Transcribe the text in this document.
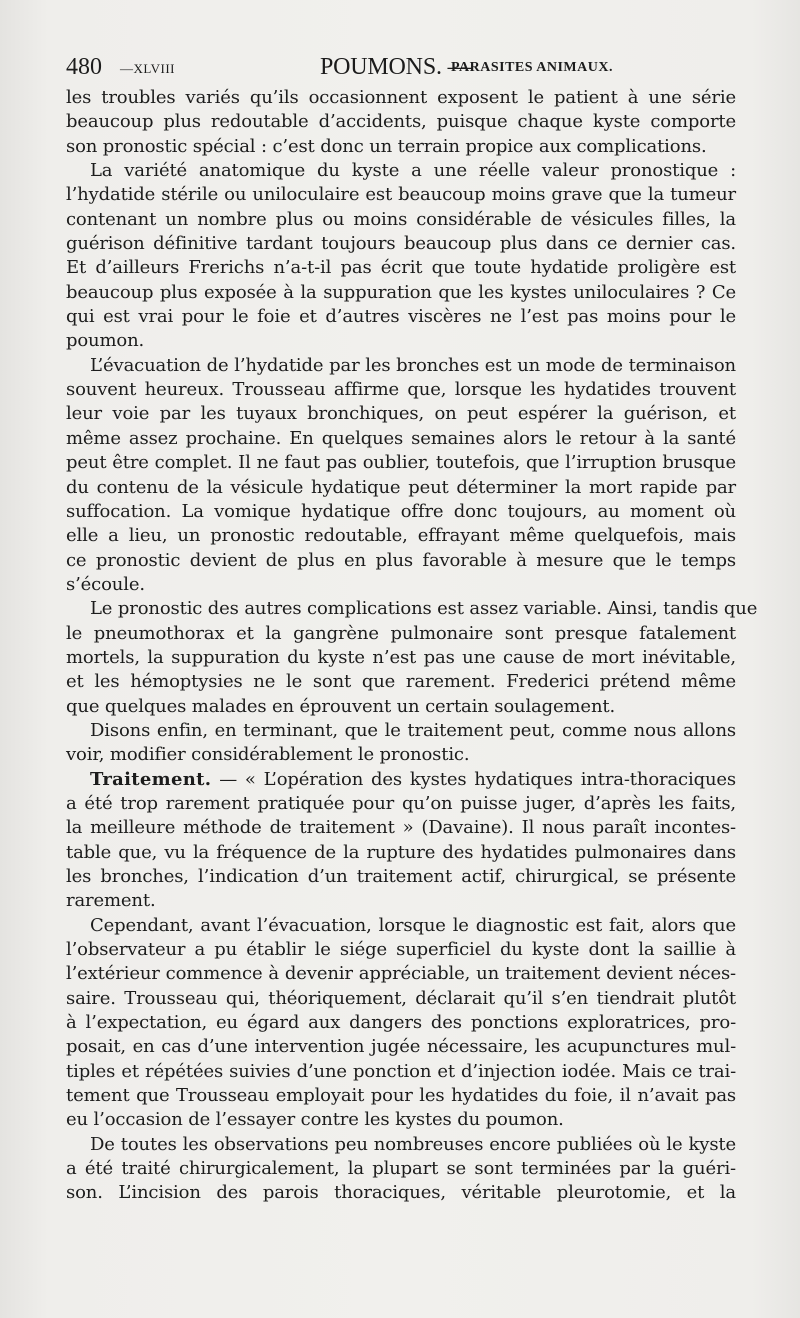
480 —XLVIII	POUMONS. —
PARASITES ANIMAUX.
les troubles variés qu’ils occasionnent exposent le patient à une série
beaucoup plus redoutable d’accidents, puisque chaque kyste comporte
son pronostic spécial : c’est donc un terrain propice aux complications.
La variété anatomique du kyste a une réelle valeur pronostique :
l’hydatide stérile ou uniloculaire est beaucoup moins grave que la tumeur
contenant un nombre plus ou moins considérable de vésicules filles, la
guérison définitive tardant toujours beaucoup plus dans ce dernier cas.
Et d’ailleurs Frerichs n’a-t-il pas écrit que toute hydatide proligère est
beaucoup plus exposée à la suppuration que les kystes uniloculaires ? Ce
qui est vrai pour le foie et d’autres viscères ne l’est pas moins pour le
poumon.
L’évacuation de l’hydatide par les bronches est un mode de terminaison
souvent heureux. Trousseau affirme que, lorsque les hydatides trouvent
leur voie par les tuyaux bronchiques, on peut espérer la guérison, et
même assez prochaine. En quelques semaines alors le retour à la santé
peut être complet. Il ne faut pas oublier, toutefois, que l’irruption brusque
du contenu de la vésicule hydatique peut déterminer la mort rapide par
suffocation. La vomique hydatique offre donc toujours, au moment où
elle a lieu, un pronostic redoutable, effrayant même quelquefois, mais
ce pronostic devient de plus en plus favorable à mesure que le temps
s’écoule.
Le pronostic des autres complications est assez variable. Ainsi, tandis que
le pneumothorax et la gangrène pulmonaire sont presque fatalement
mortels, la suppuration du kyste n’est pas une cause de mort inévitable,
et les hémoptysies ne le sont que rarement. Frederici prétend même
que quelques malades en éprouvent un certain soulagement.
Disons enfin, en terminant, que le traitement peut, comme nous allons
voir, modifier considérablement le pronostic.
Traitement. — « L’opération des kystes hydatiques intra-thoraciques
a été trop rarement pratiquée pour qu’on puisse juger, d’après les faits,
la meilleure méthode de traitement » (Davaine). Il nous paraît incontes-
table que, vu la fréquence de la rupture des hydatides pulmonaires dans
les bronches, l’indication d’un traitement actif, chirurgical, se présente
rarement.
Cependant, avant l’évacuation, lorsque le diagnostic est fait, alors que
l’observateur a pu établir le siége superficiel du kyste dont la saillie à
l’extérieur commence à devenir appréciable, un traitement devient néces-
saire. Trousseau qui, théoriquement, déclarait qu’il s’en tiendrait plutôt
à l’expectation, eu égard aux dangers des ponctions exploratrices, pro-
posait, en cas d’une intervention jugée nécessaire, les acupunctures mul-
tiples et répétées suivies d’une ponction et d’injection iodée. Mais ce trai-
tement que Trousseau employait pour les hydatides du foie, il n’avait pas
eu l’occasion de l’essayer contre les kystes du poumon.
De toutes les observations peu nombreuses encore publiées où le kyste
a été traité chirurgicalement, la plupart se sont terminées par la guéri-
son. L’incision des parois thoraciques, véritable pleurotomie, et la
